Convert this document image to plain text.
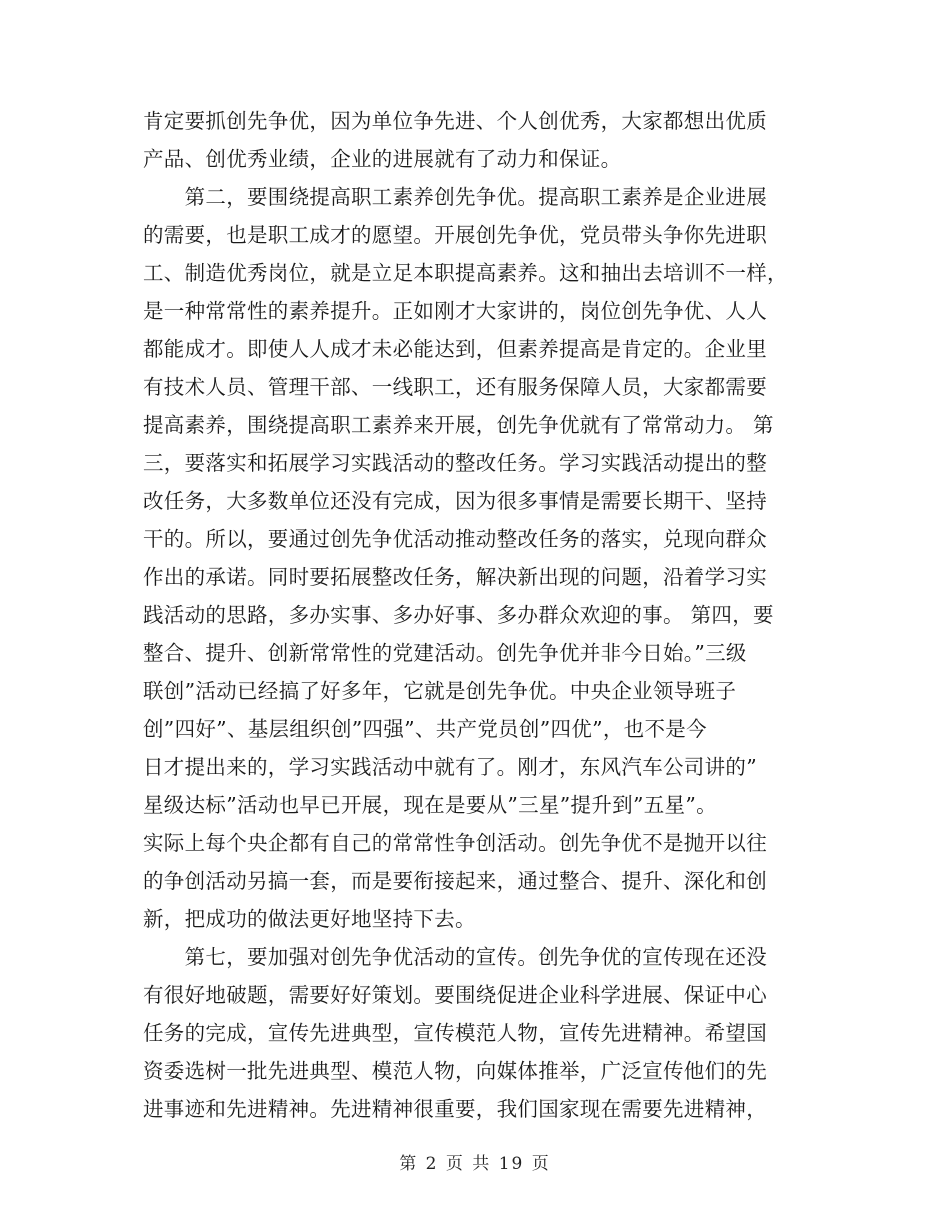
肯定要抓创先争优，因为单位争先进、个人创优秀，大家都想出优质
产品、创优秀业绩，企业的进展就有了动力和保证。
　　第二，要围绕提高职工素养创先争优。提高职工素养是企业进展
的需要，也是职工成才的愿望。开展创先争优，党员带头争你先进职
工、制造优秀岗位，就是立足本职提高素养。这和抽出去培训不一样，
是一种常常性的素养提升。正如刚才大家讲的，岗位创先争优、人人
都能成才。即使人人成才未必能达到，但素养提高是肯定的。企业里
有技术人员、管理干部、一线职工，还有服务保障人员，大家都需要
提高素养，围绕提高职工素养来开展，创先争优就有了常常动力。 第
三，要落实和拓展学习实践活动的整改任务。学习实践活动提出的整
改任务，大多数单位还没有完成，因为很多事情是需要长期干、坚持
干的。所以，要通过创先争优活动推动整改任务的落实，兑现向群众
作出的承诺。同时要拓展整改任务，解决新出现的问题，沿着学习实
践活动的思路，多办实事、多办好事、多办群众欢迎的事。 第四，要
整合、提升、创新常常性的党建活动。创先争优并非今日始。”三级
联创”活动已经搞了好多年，它就是创先争优。中央企业领导班子
创”四好”、基层组织创”四强”、共产党员创”四优”，也不是今
日才提出来的，学习实践活动中就有了。刚才，东风汽车公司讲的”
星级达标”活动也早已开展，现在是要从”三星”提升到”五星”。
实际上每个央企都有自己的常常性争创活动。创先争优不是抛开以往
的争创活动另搞一套，而是要衔接起来，通过整合、提升、深化和创
新，把成功的做法更好地坚持下去。
　　第七，要加强对创先争优活动的宣传。创先争优的宣传现在还没
有很好地破题，需要好好策划。要围绕促进企业科学进展、保证中心
任务的完成，宣传先进典型，宣传模范人物，宣传先进精神。希望国
资委选树一批先进典型、模范人物，向媒体推举，广泛宣传他们的先
进事迹和先进精神。先进精神很重要，我们国家现在需要先进精神，
第 2 页 共 19 页
